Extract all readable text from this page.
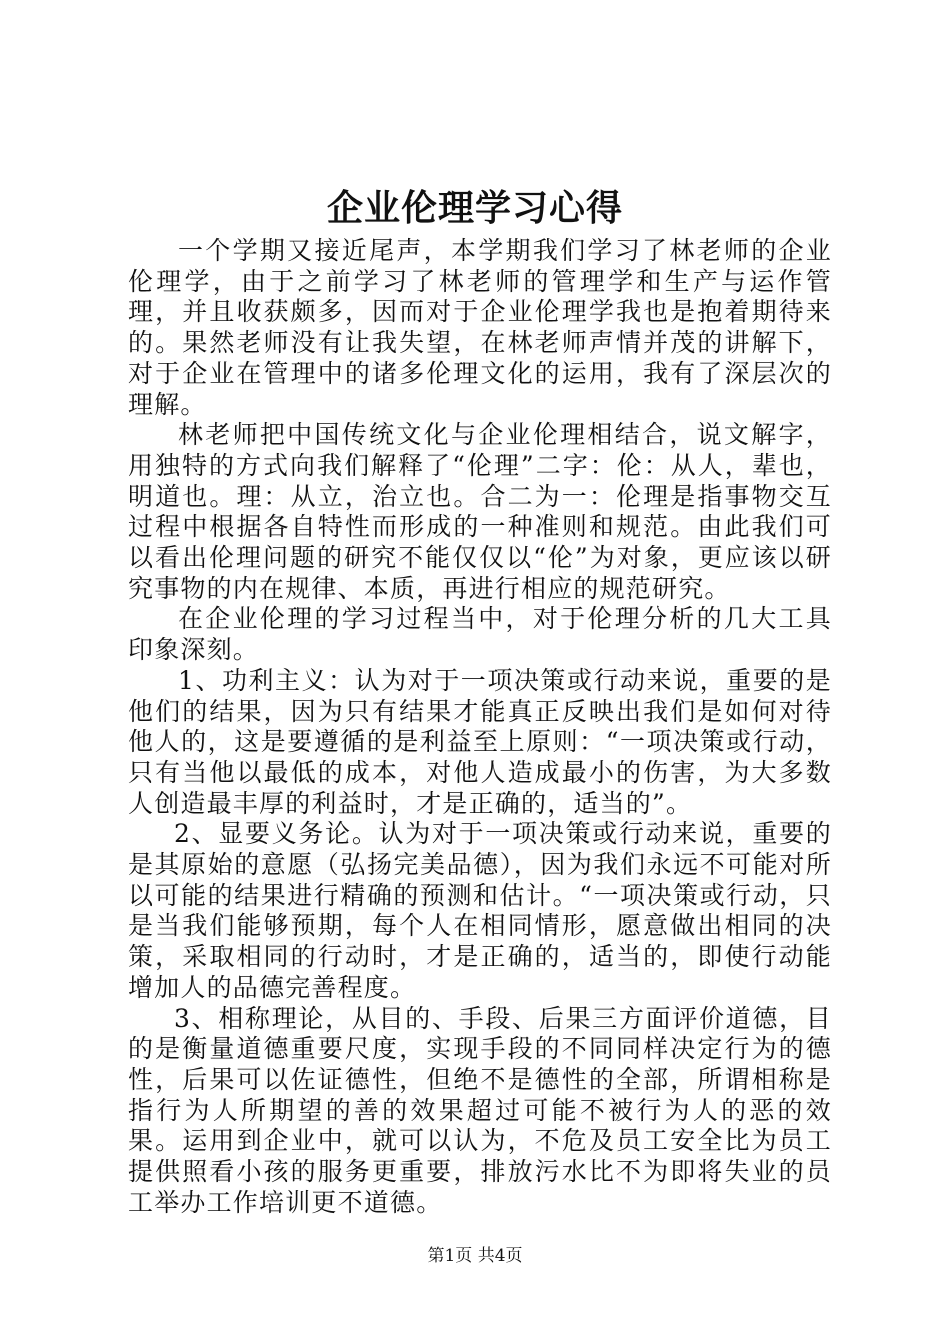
企业伦理学习心得

一个学期又接近尾声，本学期我们学习了林老师的企业伦理学，由于之前学习了林老师的管理学和生产与运作管理，并且收获颇多，因而对于企业伦理学我也是抱着期待来的。果然老师没有让我失望，在林老师声情并茂的讲解下，对于企业在管理中的诸多伦理文化的运用，我有了深层次的理解。

林老师把中国传统文化与企业伦理相结合，说文解字，用独特的方式向我们解释了“伦理”二字：伦：从人，辈也，明道也。理：从立，治立也。合二为一：伦理是指事物交互过程中根据各自特性而形成的一种准则和规范。由此我们可以看出伦理问题的研究不能仅仅以“伦”为对象，更应该以研究事物的内在规律、本质，再进行相应的规范研究。

在企业伦理的学习过程当中，对于伦理分析的几大工具印象深刻。

1、功利主义：认为对于一项决策或行动来说，重要的是他们的结果，因为只有结果才能真正反映出我们是如何对待他人的，这是要遵循的是利益至上原则：“一项决策或行动，只有当他以最低的成本，对他人造成最小的伤害，为大多数人创造最丰厚的利益时，才是正确的，适当的”。

2、显要义务论。认为对于一项决策或行动来说，重要的是其原始的意愿（弘扬完美品德），因为我们永远不可能对所以可能的结果进行精确的预测和估计。“一项决策或行动，只是当我们能够预期，每个人在相同情形，愿意做出相同的决策，采取相同的行动时，才是正确的，适当的，即使行动能增加人的品德完善程度。

3、相称理论，从目的、手段、后果三方面评价道德，目的是衡量道德重要尺度，实现手段的不同同样决定行为的德性，后果可以佐证德性，但绝不是德性的全部，所谓相称是指行为人所期望的善的效果超过可能不被行为人的恶的效果。运用到企业中，就可以认为，不危及员工安全比为员工提供照看小孩的服务更重要，排放污水比不为即将失业的员工举办工作培训更不道德。

第1页 共4页
